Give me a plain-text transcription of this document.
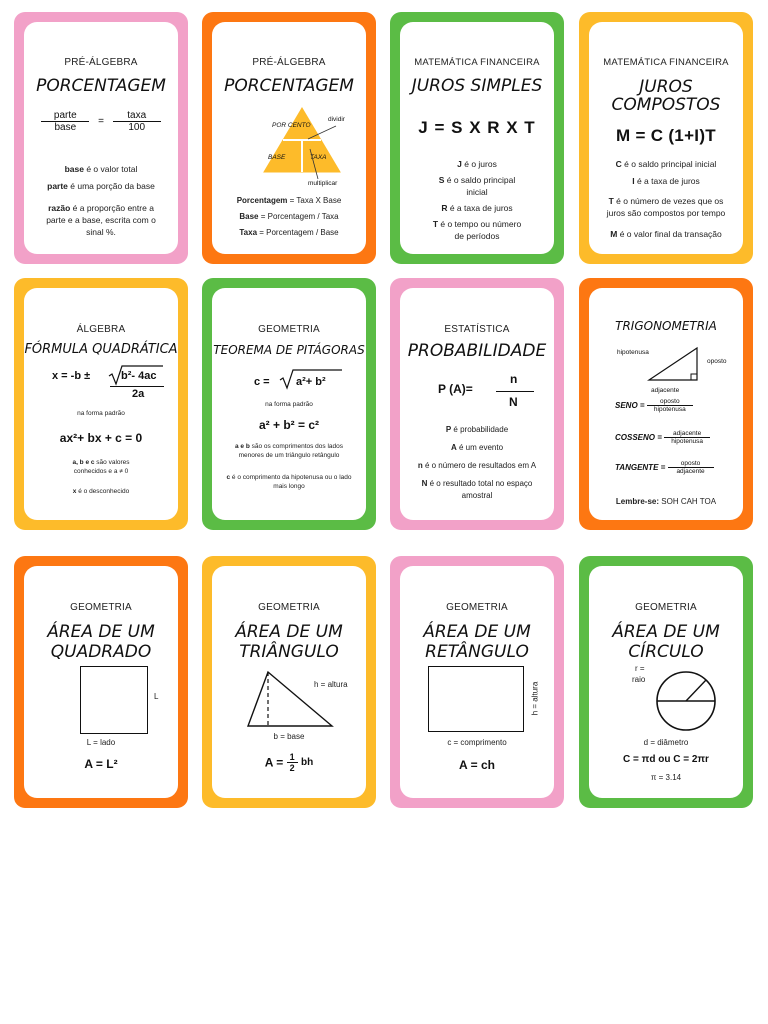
PRÉ-ÁLGEBRA
PORCENTAGEM
$\frac{\text{parte}}{\text{base}} = \frac{\text{taxa}}{100}$
base é o valor total
parte é uma porção da base
razão é a proporção entre a parte e a base, escrita com o sinal %.
PRÉ-ÁLGEBRA
PORCENTAGEM
POR CENTO
BASE	TAXA
dividir
multiplicar
Porcentagem = Taxa X Base
Base = Porcentagem / Taxa
Taxa = Porcentagem / Base
MATEMÁTICA FINANCEIRA
JUROS SIMPLES
J = S X R X T
J é o juros
S é o saldo principal inicial
R é a taxa de juros
T é o tempo ou número de períodos
MATEMÁTICA FINANCEIRA
JUROS
COMPOSTOS
M = C (1+I)T
C é o saldo principal inicial
I é a taxa de juros
T é o número de vezes que os juros são compostos por tempo
M é o valor final da transação
ÁLGEBRA
FÓRMULA QUADRÁTICA
x = -b ±	b²- 4ac
2a
na forma padrão
ax²+ bx + c = 0
a, b e c são valores conhecidos e a ≠ 0
x é o desconhecido
GEOMETRIA
TEOREMA DE PITÁGORAS
c = a²+ b²
na forma padrão
a² + b² = c²
a e b são os comprimentos dos lados menores de um triângulo retângulo
c é o comprimento da hipotenusa ou o lado mais longo
ESTATÍSTICA
PROBABILIDADE
P (A)=
n
N
P é probabilidade
A é um evento
n é o número de resultados em A
N é o resultado total no espaço amostral
TRIGONOMETRIA
hipotenusa
oposto
adjacente
SENO = $\frac{\text{oposto}}{\text{hipotenusa}}$
COSSENO = $\frac{\text{adjacente}}{\text{hipotenusa}}$
TANGENTE = $\frac{\text{oposto}}{\text{adjacente}}$
Lembre-se: SOH CAH TOA
GEOMETRIA
ÁREA DE UM
QUADRADO
L
L = lado
A = L²
GEOMETRIA
ÁREA DE UM
TRIÂNGULO
h = altura
b = base
$A = \frac{1}{2}$ bh
GEOMETRIA
ÁREA DE UM
RETÂNGULO
h = altura
c = comprimento
A = ch
GEOMETRIA
ÁREA DE UM
CÍRCULO
r =
raio
d = diâmetro
C = πd ou C = 2πr
π = 3.14
